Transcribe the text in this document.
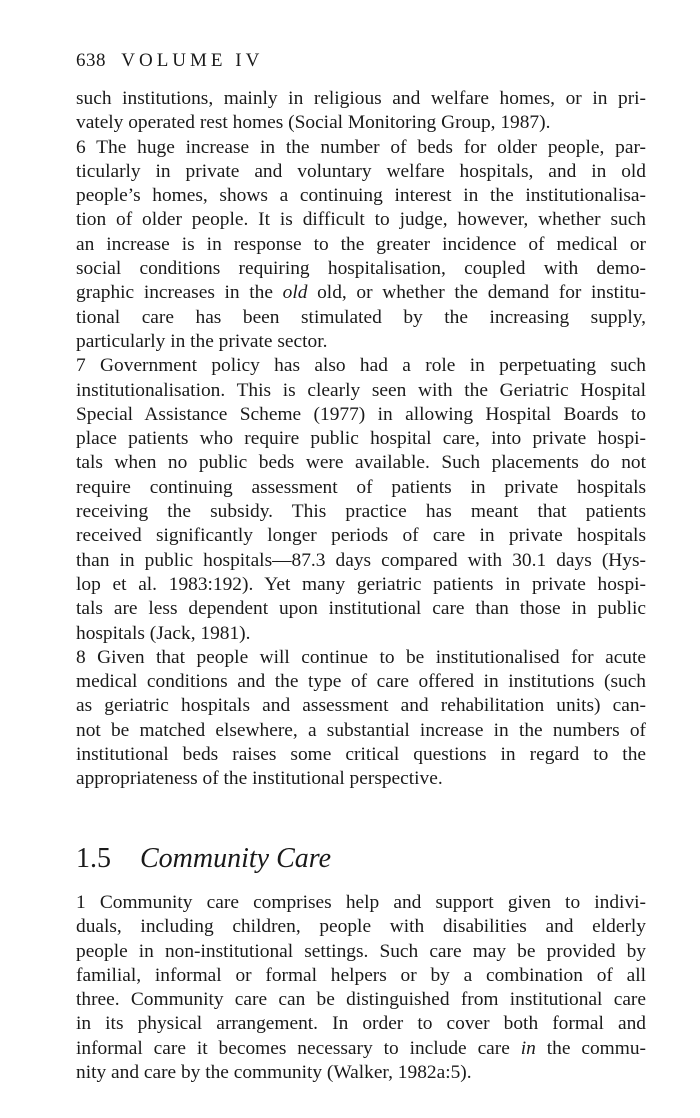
638 VOLUME IV
such institutions, mainly in religious and welfare homes, or in pri-
vately operated rest homes (Social Monitoring Group, 1987).
6 The huge increase in the number of beds for older people, par-
ticularly in private and voluntary welfare hospitals, and in old
people’s homes, shows a continuing interest in the institutionalisa-
tion of older people. It is difficult to judge, however, whether such
an increase is in response to the greater incidence of medical or
social conditions requiring hospitalisation, coupled with demo-
graphic increases in the old old, or whether the demand for institu-
tional care has been stimulated by the increasing supply,
particularly in the private sector.
7 Government policy has also had a role in perpetuating such
institutionalisation. This is clearly seen with the Geriatric Hospital
Special Assistance Scheme (1977) in allowing Hospital Boards to
place patients who require public hospital care, into private hospi-
tals when no public beds were available. Such placements do not
require continuing assessment of patients in private hospitals
receiving the subsidy. This practice has meant that patients
received significantly longer periods of care in private hospitals
than in public hospitals—87.3 days compared with 30.1 days (Hys-
lop et al. 1983:192). Yet many geriatric patients in private hospi-
tals are less dependent upon institutional care than those in public
hospitals (Jack, 1981).
8 Given that people will continue to be institutionalised for acute
medical conditions and the type of care offered in institutions (such
as geriatric hospitals and assessment and rehabilitation units) can-
not be matched elsewhere, a substantial increase in the numbers of
institutional beds raises some critical questions in regard to the
appropriateness of the institutional perspective.
1.5 Community Care
1 Community care comprises help and support given to indivi-
duals, including children, people with disabilities and elderly
people in non-institutional settings. Such care may be provided by
familial, informal or formal helpers or by a combination of all
three. Community care can be distinguished from institutional care
in its physical arrangement. In order to cover both formal and
informal care it becomes necessary to include care in the commu-
nity and care by the community (Walker, 1982a:5).
